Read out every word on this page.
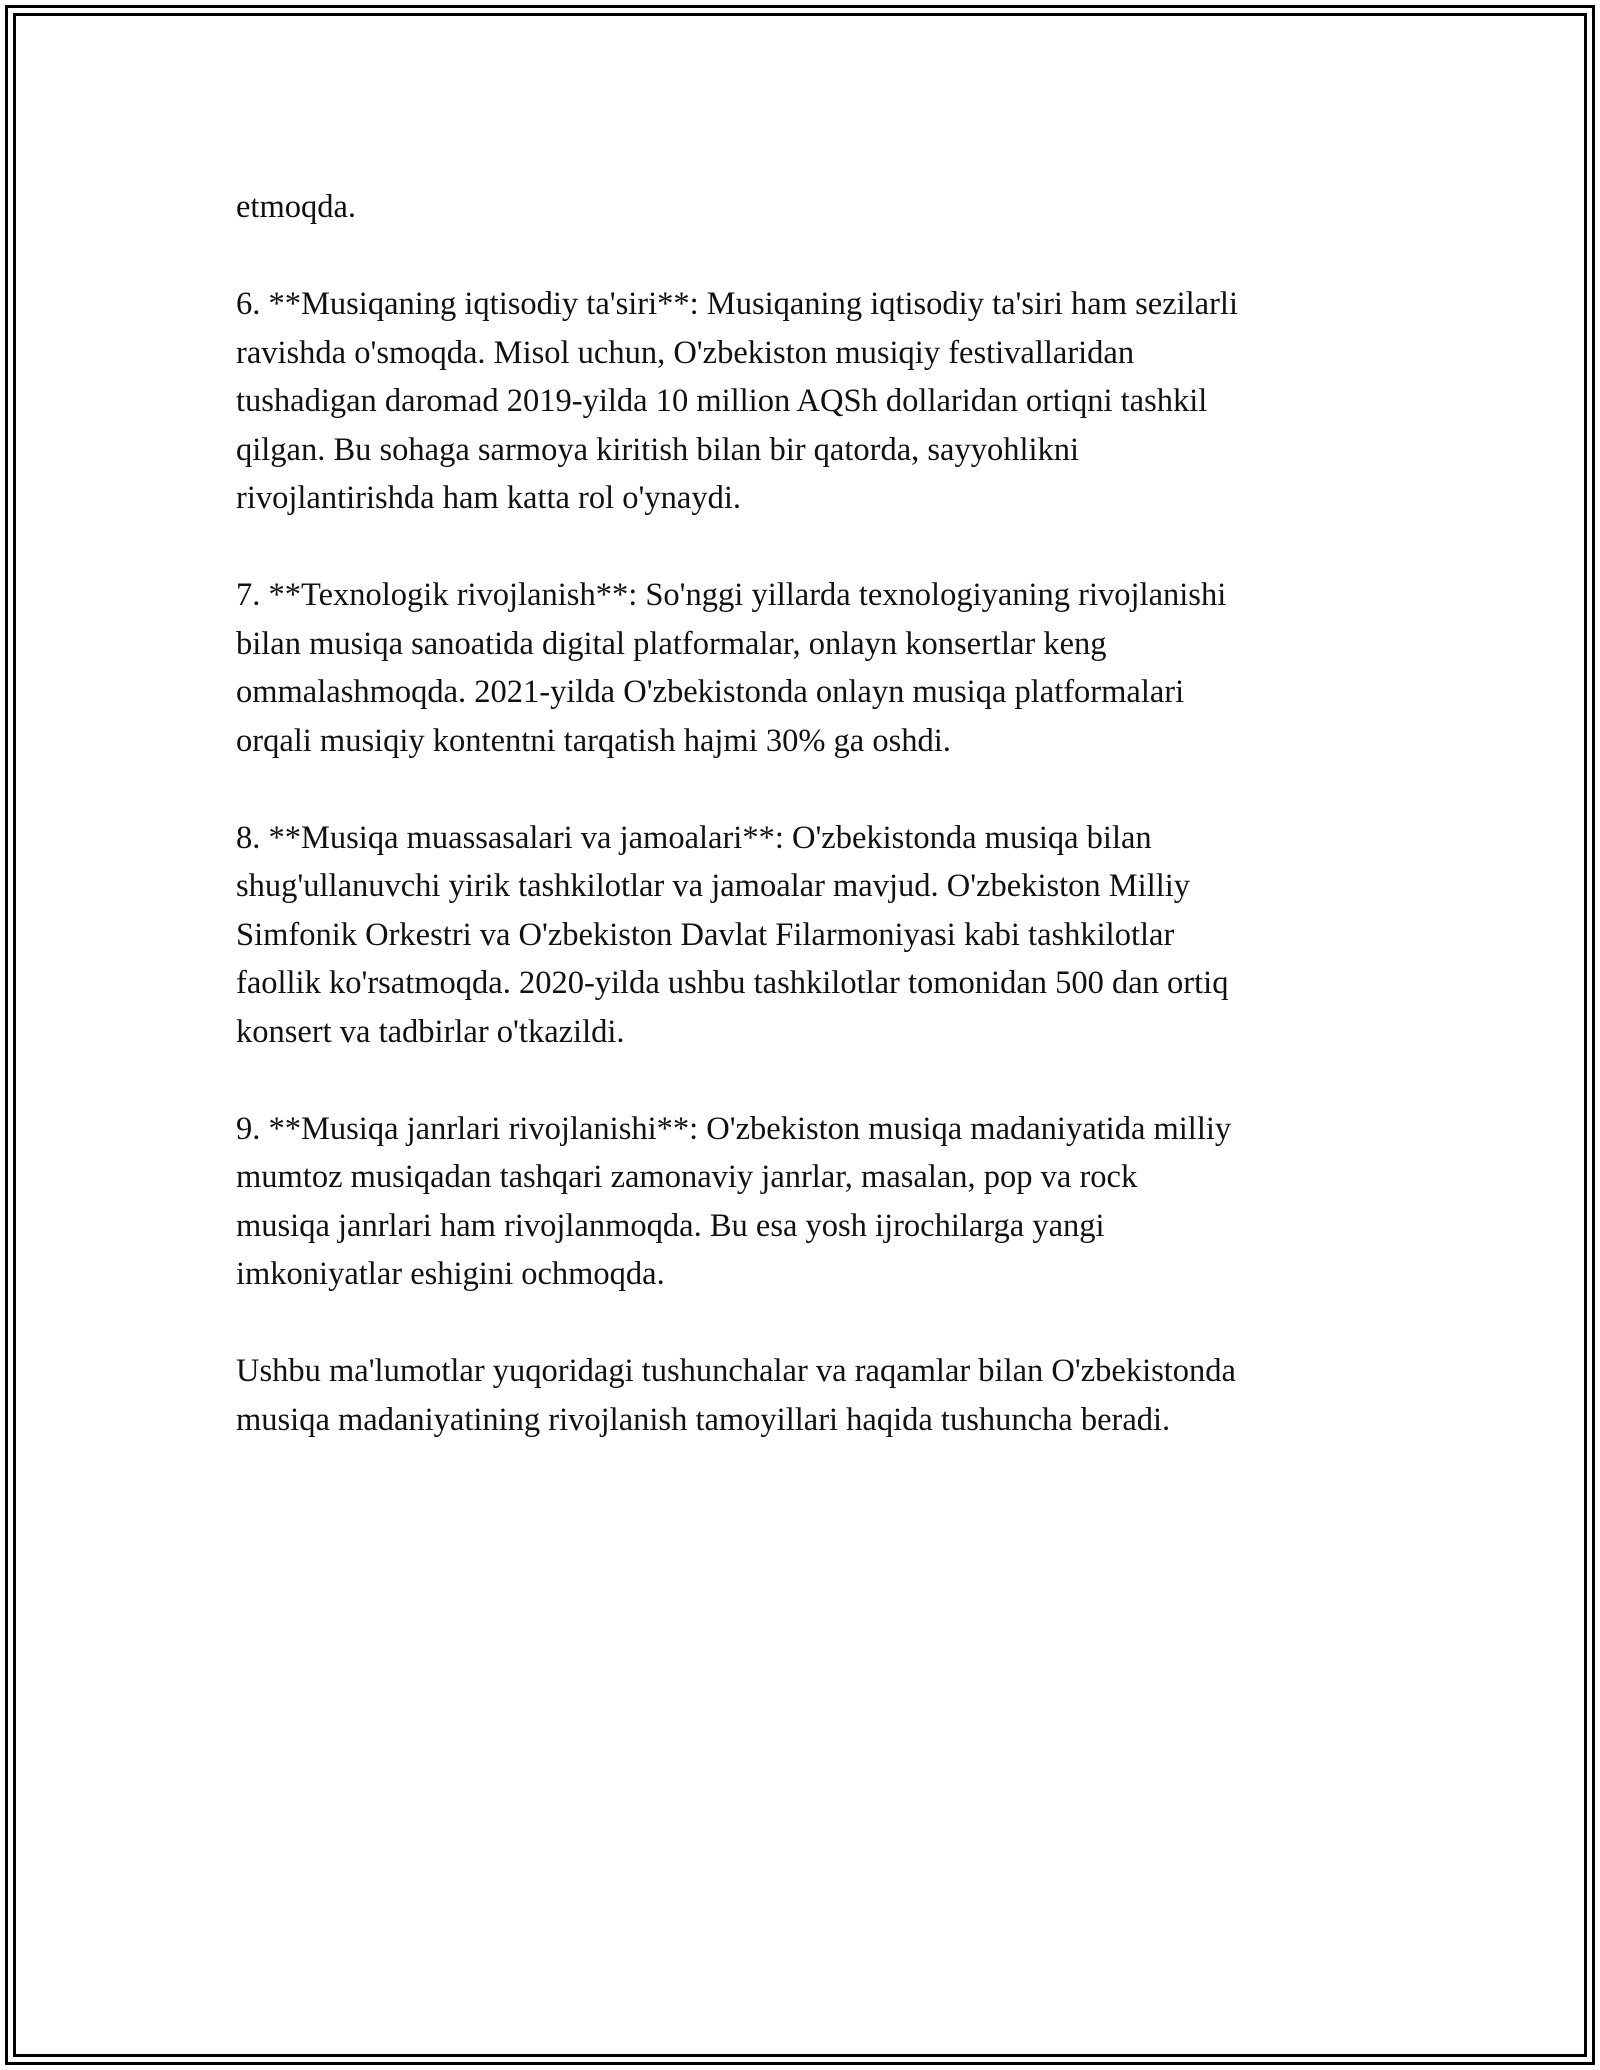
etmoqda.

6. **Musiqaning iqtisodiy ta'siri**: Musiqaning iqtisodiy ta'siri ham sezilarli
ravishda o'smoqda. Misol uchun, O'zbekiston musiqiy festivallaridan
tushadigan daromad 2019-yilda 10 million AQSh dollaridan ortiqni tashkil
qilgan. Bu sohaga sarmoya kiritish bilan bir qatorda, sayyohlikni
rivojlantirishda ham katta rol o'ynaydi.

7. **Texnologik rivojlanish**: So'nggi yillarda texnologiyaning rivojlanishi
bilan musiqa sanoatida digital platformalar, onlayn konsertlar keng
ommalashmoqda. 2021-yilda O'zbekistonda onlayn musiqa platformalari
orqali musiqiy kontentni tarqatish hajmi 30% ga oshdi.

8. **Musiqa muassasalari va jamoalari**: O'zbekistonda musiqa bilan
shug'ullanuvchi yirik tashkilotlar va jamoalar mavjud. O'zbekiston Milliy
Simfonik Orkestri va O'zbekiston Davlat Filarmoniyasi kabi tashkilotlar
faollik ko'rsatmoqda. 2020-yilda ushbu tashkilotlar tomonidan 500 dan ortiq
konsert va tadbirlar o'tkazildi.

9. **Musiqa janrlari rivojlanishi**: O'zbekiston musiqa madaniyatida milliy
mumtoz musiqadan tashqari zamonaviy janrlar, masalan, pop va rock
musiqa janrlari ham rivojlanmoqda. Bu esa yosh ijrochilarga yangi
imkoniyatlar eshigini ochmoqda.

Ushbu ma'lumotlar yuqoridagi tushunchalar va raqamlar bilan O'zbekistonda
musiqa madaniyatining rivojlanish tamoyillari haqida tushuncha beradi.
